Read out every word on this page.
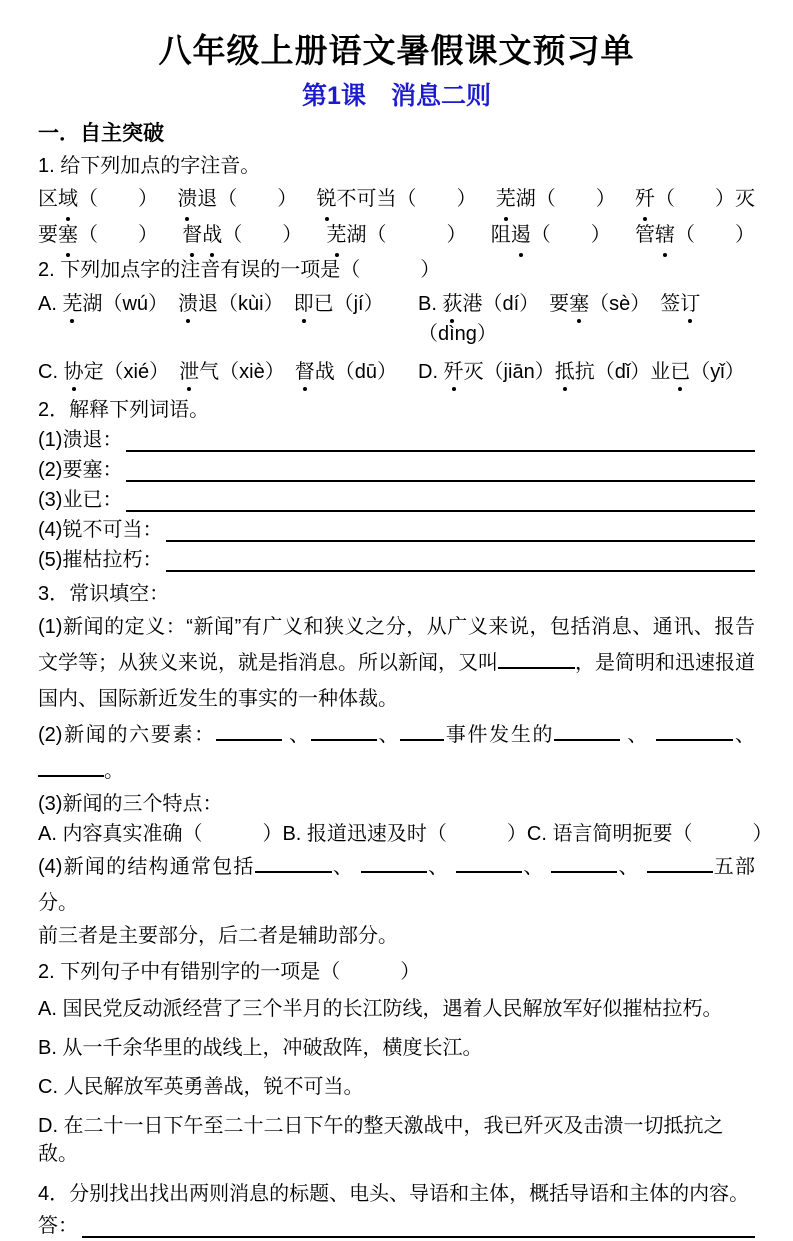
八年级上册语文暑假课文预习单
第1课　消息二则
一．自主突破
1. 给下列加点的字注音。
区域（　　） 溃退（　　） 锐不可当（　　） 芜湖（　　） 歼（　　）灭
要塞（　　） 督战（　　） 芜湖（　　　） 阻遏（　　） 管辖（　　）
2. 下列加点字的注音有误的一项是（　　　）
A. 芜湖（wú）　溃退（kùi）　即已（jí）	B. 荻港（dí）　要塞（sè）　签订（dìng）
C. 协定（xié）　泄气（xiè）　督战（dū）	D. 歼灭（jiān）抵抗（dǐ）业已（yǐ）
2．解释下列词语。
(1)溃退：
(2)要塞：
(3)业已：
(4)锐不可当：
(5)摧枯拉朽：
3．常识填空：
(1)新闻的定义：“新闻”有广义和狭义之分，从广义来说，包括消息、通讯、报告文学等；从狭义来说，就是指消息。所以新闻，又叫	，是简明和迅速报道国内、国际新近发生的事实的一种体裁。
(2)新闻的六要素：	、	、 事件发生的	、	、。
(3)新闻的三个特点：
A. 内容真实准确（　　　） B. 报道迅速及时（　　　） C. 语言简明扼要（　　　）
(4)新闻的结构通常包括	、	、	、	、	五部分。
前三者是主要部分，后二者是辅助部分。
2. 下列句子中有错别字的一项是（　　　）
A. 国民党反动派经营了三个半月的长江防线，遇着人民解放军好似摧枯拉朽。
B. 从一千余华里的战线上，冲破敌阵，横度长江。
C. 人民解放军英勇善战，锐不可当。
D. 在二十一日下午至二十二日下午的整天激战中，我已歼灭及击溃一切抵抗之敌。
4．分别找出找出两则消息的标题、电头、导语和主体，概括导语和主体的内容。
答：
